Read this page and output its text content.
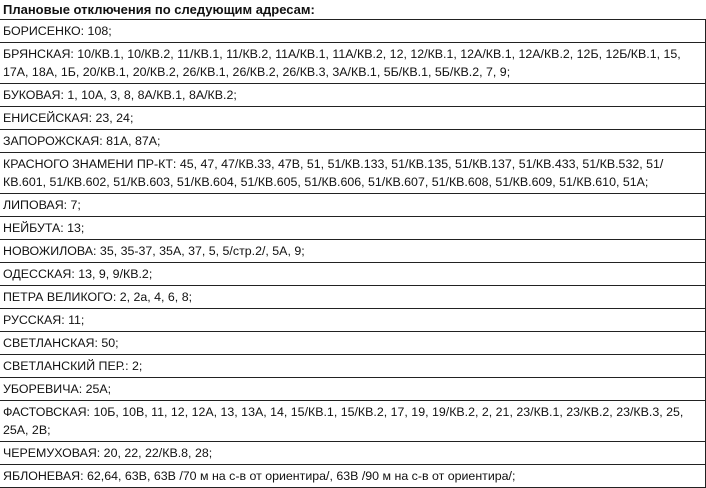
Плановые отключения по следующим адресам:
БОРИСЕНКО: 108;
БРЯНСКАЯ: 10/КВ.1, 10/КВ.2, 11/КВ.1, 11/КВ.2, 11А/КВ.1, 11А/КВ.2, 12, 12/КВ.1, 12А/КВ.1, 12А/КВ.2, 12Б, 12Б/КВ.1, 15, 17А, 18А, 1Б, 20/КВ.1, 20/КВ.2, 26/КВ.1, 26/КВ.2, 26/КВ.3, 3А/КВ.1, 5Б/КВ.1, 5Б/КВ.2, 7, 9;
БУКОВАЯ: 1, 10А, 3, 8, 8А/КВ.1, 8А/КВ.2;
ЕНИСЕЙСКАЯ: 23, 24;
ЗАПОРОЖСКАЯ: 81А, 87А;
КРАСНОГО ЗНАМЕНИ ПР-КТ: 45, 47, 47/КВ.33, 47В, 51, 51/КВ.133, 51/КВ.135, 51/КВ.137, 51/КВ.433, 51/КВ.532, 51/КВ.601, 51/КВ.602, 51/КВ.603, 51/КВ.604, 51/КВ.605, 51/КВ.606, 51/КВ.607, 51/КВ.608, 51/КВ.609, 51/КВ.610, 51А;
ЛИПОВАЯ: 7;
НЕЙБУТА: 13;
НОВОЖИЛОВА: 35, 35-37, 35А, 37, 5, 5/стр.2/, 5А, 9;
ОДЕССКАЯ: 13, 9, 9/КВ.2;
ПЕТРА ВЕЛИКОГО: 2, 2а, 4, 6, 8;
РУССКАЯ: 11;
СВЕТЛАНСКАЯ: 50;
СВЕТЛАНСКИЙ ПЕР.: 2;
УБОРЕВИЧА: 25А;
ФАСТОВСКАЯ: 10Б, 10В, 11, 12, 12А, 13, 13А, 14, 15/КВ.1, 15/КВ.2, 17, 19, 19/КВ.2, 2, 21, 23/КВ.1, 23/КВ.2, 23/КВ.3, 25, 25А, 2В;
ЧЕРЕМУХОВАЯ: 20, 22, 22/КВ.8, 28;
ЯБЛОНЕВАЯ: 62,64, 63В, 63В /70 м на с-в от ориентира/, 63В /90 м на с-в от ориентира/;
